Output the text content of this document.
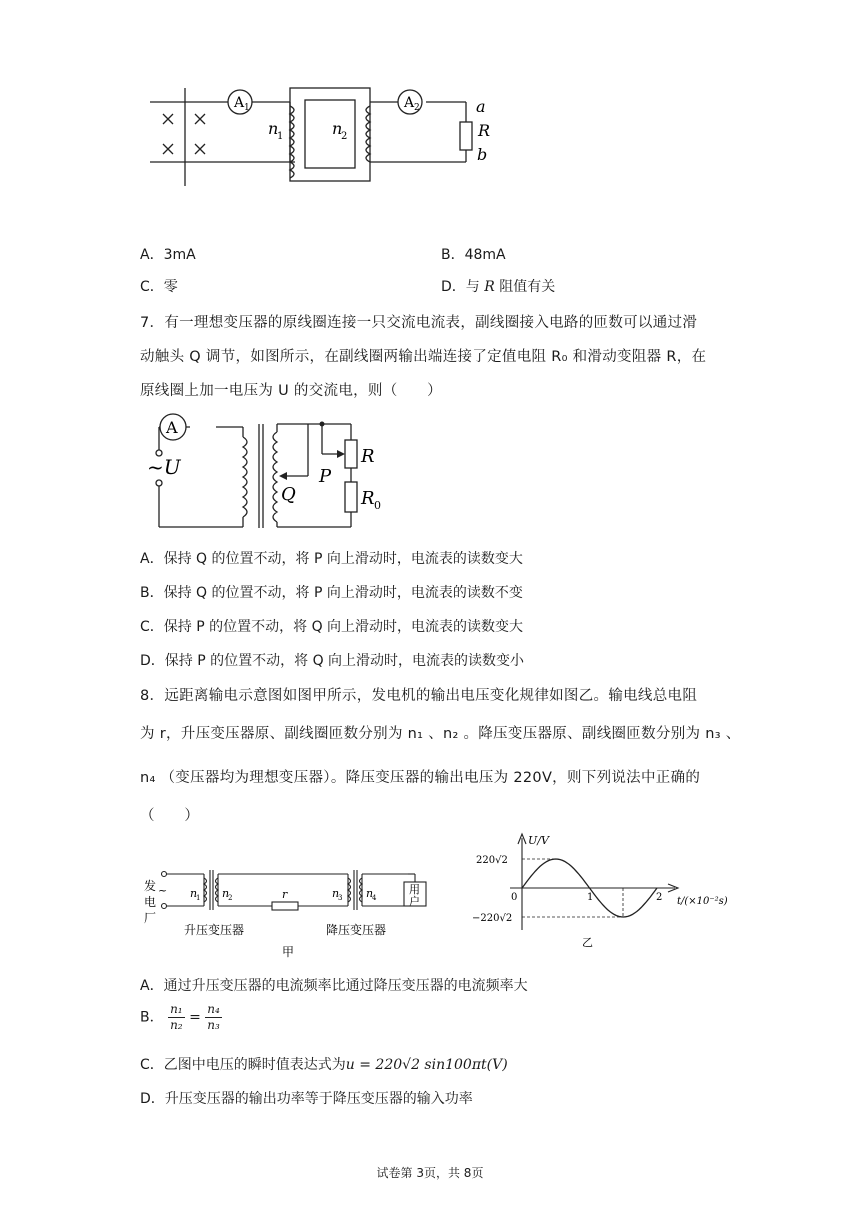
A 1	A 2
n
1	n
2
a
R
b
A．3mA	B．48mA
C．零	D．与 R 阻值有关
7．有一理想变压器的原线圈连接一只交流电流表，副线圈接入电路的匝数可以通过滑
动触头 Q 调节，如图所示，在副线圈两输出端连接了定值电阻 R₀ 和滑动变阻器 R，在
原线圈上加一电压为 U 的交流电，则（　　）
A
~U
Q
P
R
R 0
A．保持 Q 的位置不动，将 P 向上滑动时，电流表的读数变大
B．保持 Q 的位置不动，将 P 向上滑动时，电流表的读数不变
C．保持 P 的位置不动，将 Q 向上滑动时，电流表的读数变大
D．保持 P 的位置不动，将 Q 向上滑动时，电流表的读数变小
8．远距离输电示意图如图甲所示，发电机的输出电压变化规律如图乙。输电线总电阻
为 r，升压变压器原、副线圈匝数分别为 n₁ 、n₂ 。降压变压器原、副线圈匝数分别为 n₃ 、
n₄ （变压器均为理想变压器）。降压变压器的输出电压为 220V，则下列说法中正确的
（　　）
发
电
厂
~ n
1 n
2	r	n
3 n
4
用
户
升压变压器	降压变压器
甲
U/V
220√2
−220√2
0	1	2 t/(×10⁻²s)
乙
A．通过升压变压器的电流频率比通过降压变压器的电流频率大
B． $\frac{\text{n₁}}{\text{n₂}} = \frac{\text{n₄}}{\text{n₃}}$
C．乙图中电压的瞬时值表达式为u = 220√2 sin100πt(V)
D．升压变压器的输出功率等于降压变压器的输入功率
试卷第 3页，共 8页
